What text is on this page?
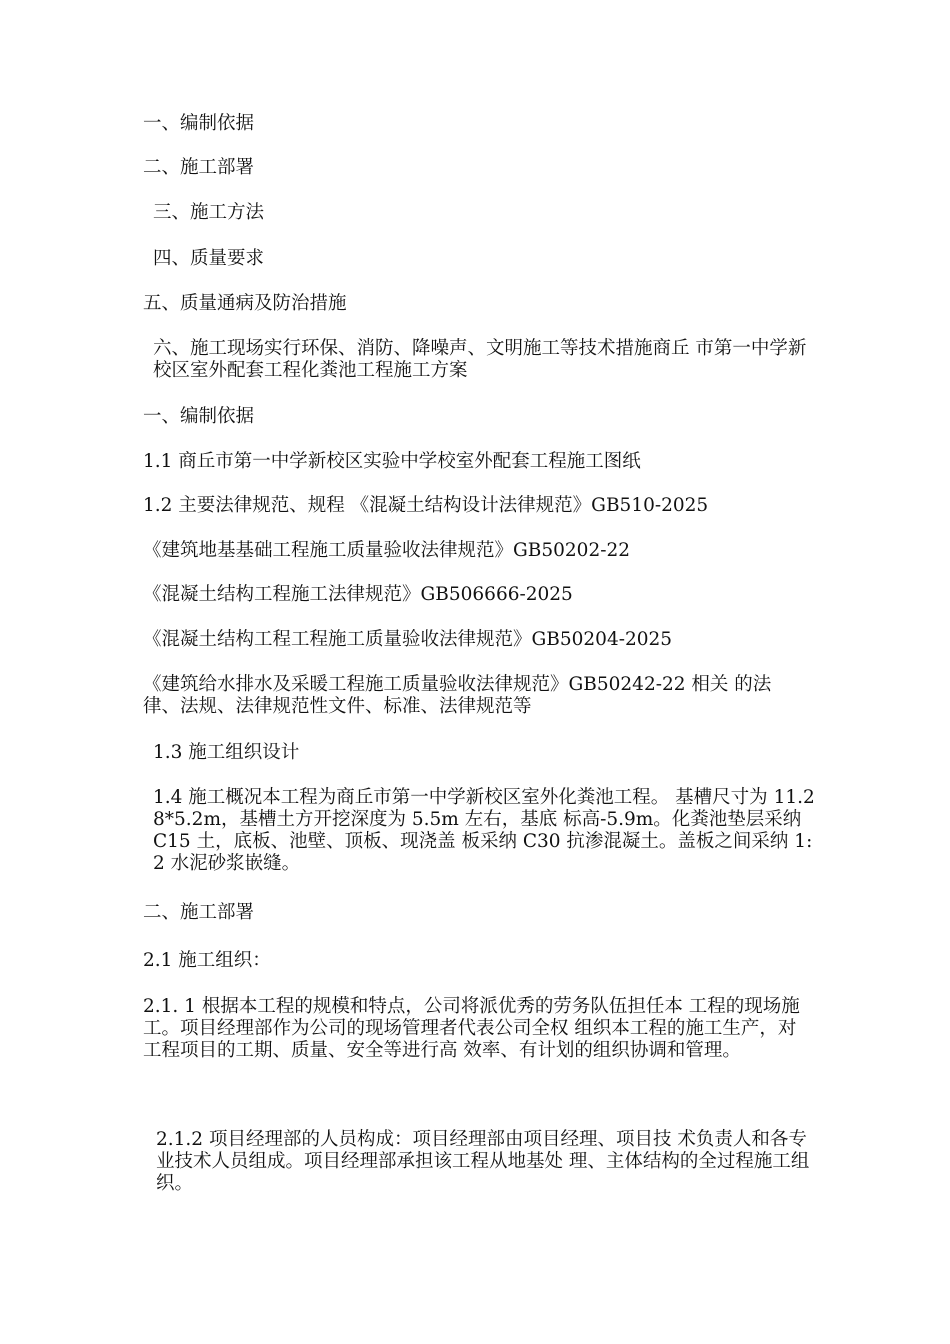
一、编制依据

二、施工部署

三、施工方法

四、质量要求

五、质量通病及防治措施

六、施工现场实行环保、消防、降噪声、文明施工等技术措施商丘 市第一中学新校区室外配套工程化粪池工程施工方案

一、编制依据

1.1 商丘市第一中学新校区实验中学校室外配套工程施工图纸

1.2 主要法律规范、规程 《混凝土结构设计法律规范》GB510-2025

《建筑地基基础工程施工质量验收法律规范》GB50202-22

《混凝土结构工程施工法律规范》GB506666-2025

《混凝土结构工程工程施工质量验收法律规范》GB50204-2025

《建筑给水排水及采暖工程施工质量验收法律规范》GB50242-22 相关 的法律、法规、法律规范性文件、标准、法律规范等

1.3 施工组织设计

1.4 施工概况本工程为商丘市第一中学新校区室外化粪池工程。 基槽尺寸为 11.28*5.2m，基槽土方开挖深度为 5.5m 左右，基底 标高-5.9m。化粪池垫层采纳 C15 土，底板、池壁、顶板、现浇盖 板采纳 C30 抗渗混凝土。盖板之间采纳 1:2 水泥砂浆嵌缝。

二、施工部署

2.1 施工组织：

2.1. 1 根据本工程的规模和特点，公司将派优秀的劳务队伍担任本 工程的现场施工。项目经理部作为公司的现场管理者代表公司全权 组织本工程的施工生产，对工程项目的工期、质量、安全等进行高 效率、有计划的组织协调和管理。

2.1.2 项目经理部的人员构成：项目经理部由项目经理、项目技 术负责人和各专业技术人员组成。项目经理部承担该工程从地基处 理、主体结构的全过程施工组织。
